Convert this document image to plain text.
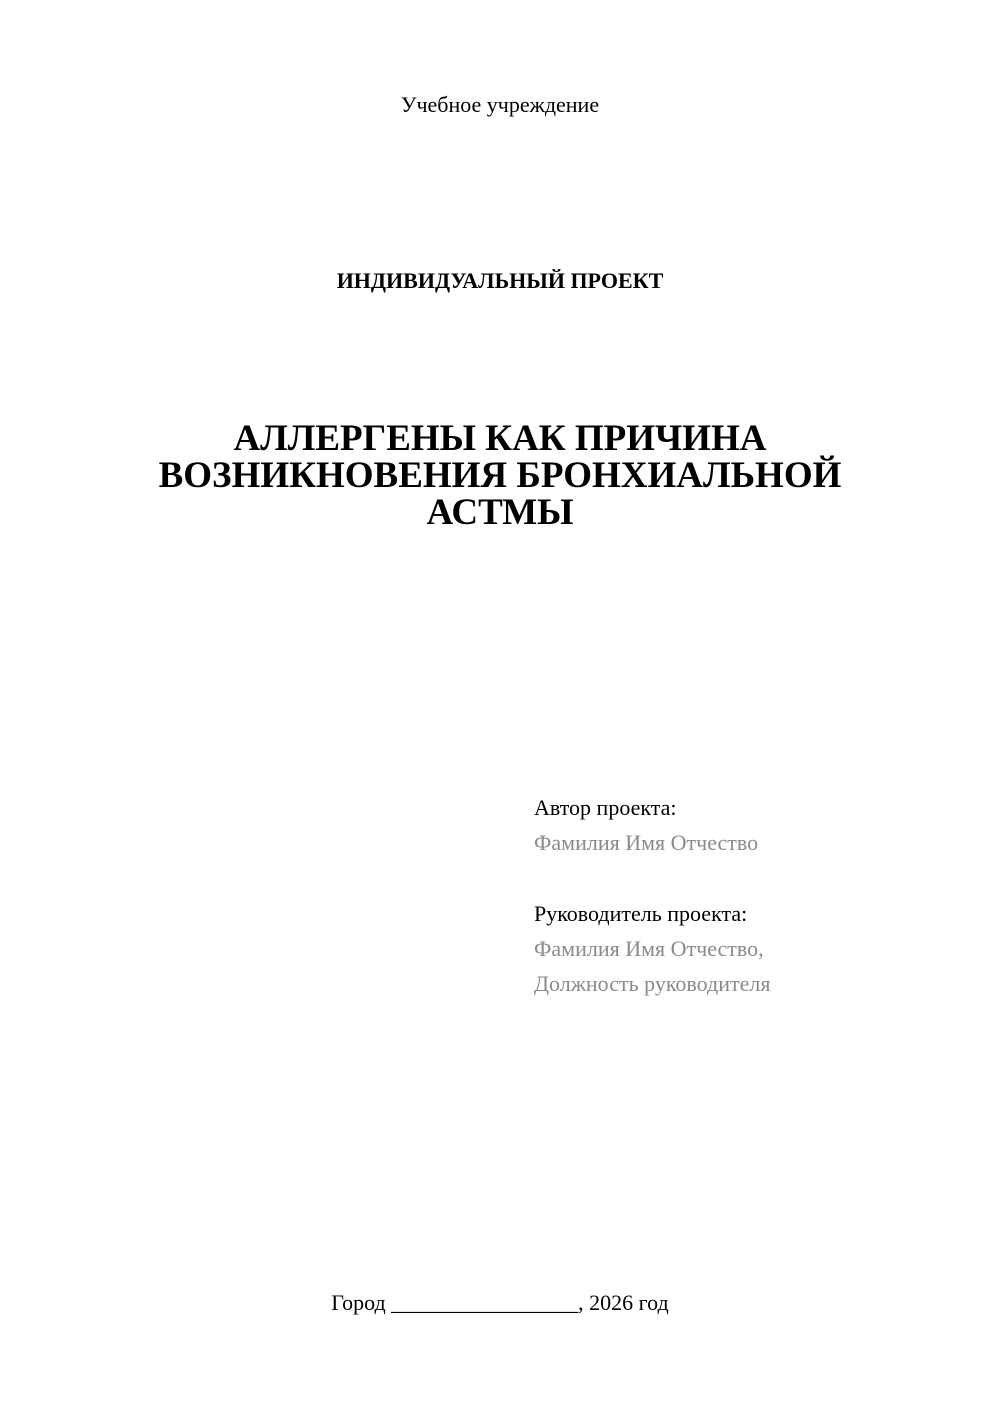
Учебное учреждение
ИНДИВИДУАЛЬНЫЙ ПРОЕКТ
АЛЛЕРГЕНЫ КАК ПРИЧИНА
ВОЗНИКНОВЕНИЯ БРОНХИАЛЬНОЙ
АСТМЫ
Автор проекта:
Фамилия Имя Отчество
Руководитель проекта:
Фамилия Имя Отчество,
Должность руководителя
Город _________________, 2026 год
